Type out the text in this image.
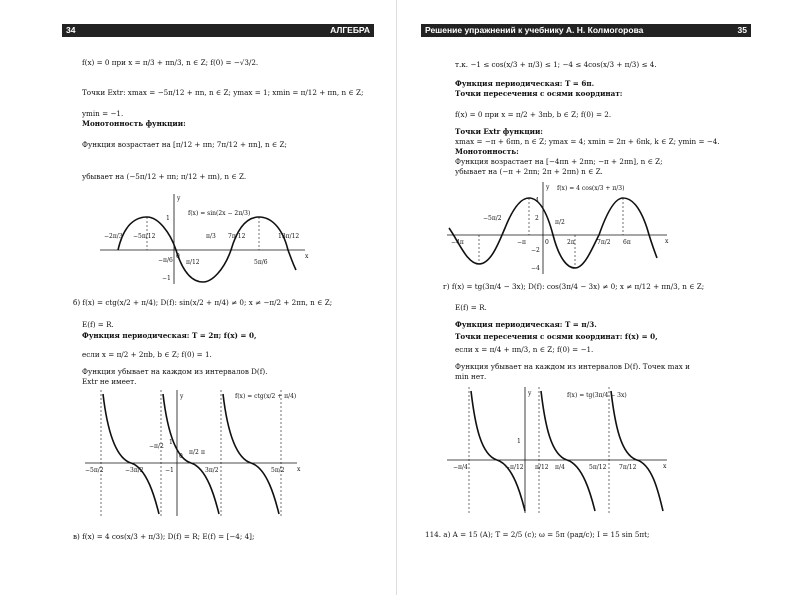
34	АЛГЕБРА
f(x) = 0 при x = π/3 + πn/3, n ∈ Z; f(0) = −√3/2.
Точки Extr: xmax = −5π/12 + πn, n ∈ Z; ymax = 1; xmin = π/12 + πn, n ∈ Z;
ymin = −1.
Монотонность функции:
Функция возрастает на [π/12 + πn; 7π/12 + πn], n ∈ Z;
убывает на (−5π/12 + πn; π/12 + πn), n ∈ Z.
x
y
f(x) = sin(2x − 2π/3)
−2π/3 −5π/12
−π/6
0
π/12
π/3 7π/12	13π/12
5π/6
1
−1
б) f(x) = ctg(x/2 + π/4); D(f): sin(x/2 + π/4) ≠ 0; x ≠ −π/2 + 2πn, n ∈ Z;
E(f) = R.
Функция периодическая: T = 2π; f(x) = 0,
если x = π/2 + 2πb, b ∈ Z; f(0) = 1.
Функция убывает на каждом из интервалов D(f).
Extr не имеет.
x
y	f(x) = ctg(x/2 + π/4)
−5π/2	−3π/2
−π/2
0
π/2 π
3π/2	5π/2
1
−1
в) f(x) = 4 cos(x/3 + π/3); D(f) = R; E(f) = [−4; 4];
Решение упражнений к учебнику А. Н. Колмогорова	35
т.к. −1 ≤ cos(x/3 + π/3) ≤ 1; −4 ≤ 4cos(x/3 + π/3) ≤ 4.
Функция периодическая: T = 6π.
Точки пересечения с осями координат:
f(x) = 0 при x = π/2 + 3πb, b ∈ Z; f(0) = 2.
Точки Extr функции:
xmax = −π + 6πn, n ∈ Z; ymax = 4; xmin = 2π + 6πk, k ∈ Z; ymin = −4.
Монотонность:
Функция возрастает на [−4πn + 2πn; −π + 2πn], n ∈ Z;
убывает на (−π + 2πn; 2π + 2πn) n ∈ Z.
x
y f(x) = 4 cos(x/3 + π/3)
−4π
−5π/2
−π	0
π/2
2π	7π/2 6π
4
2
−2
−4
г) f(x) = tg(3π/4 − 3x); D(f): cos(3π/4 − 3x) ≠ 0; x ≠ π/12 + πn/3, n ∈ Z;
E(f) = R.
Функция периодическая: T = π/3.
Точки пересечения с осями координат: f(x) = 0,
если x = π/4 + πn/3, n ∈ Z; f(0) = −1.
Функция убывает на каждом из интервалов D(f). Точек max и
min нет.
x
y	f(x) = tg(3π/4 − 3x)
−π/4	−π/12	π/4
π/12	5π/12 7π/12
1
114. а) A = 15 (A); T = 2/5 (c); ω = 5π (рад/с); I = 15 sin 5πt;
